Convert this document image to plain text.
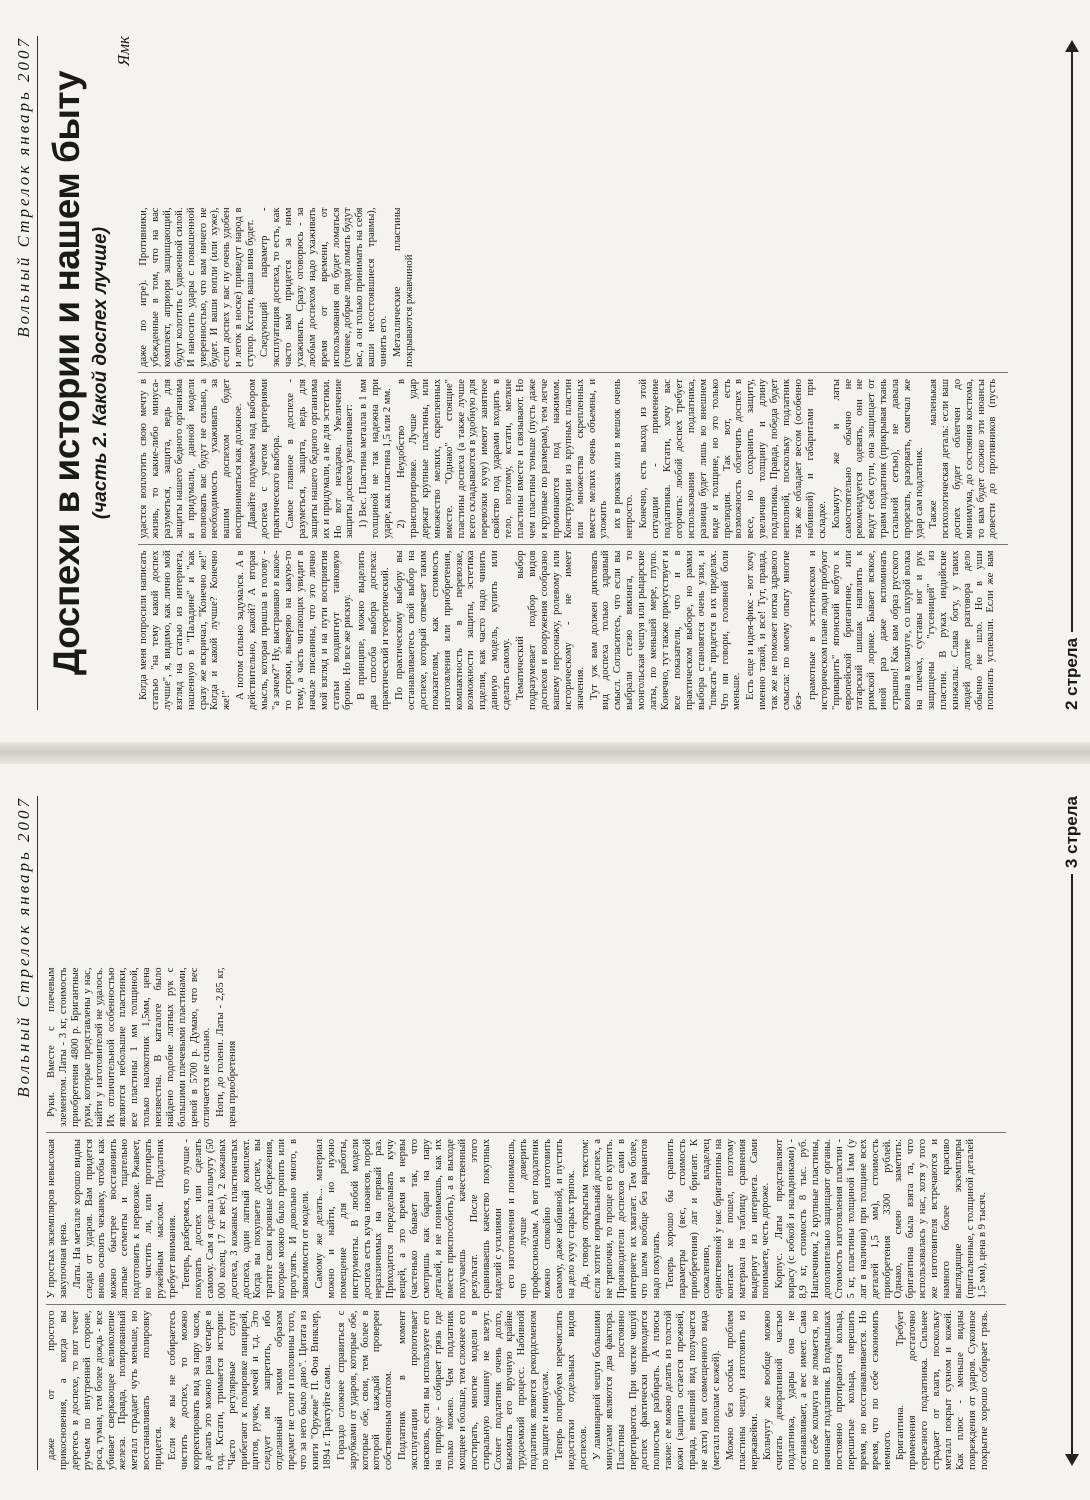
Вольный Стрелок январь 2007 Доспехи в истории и нашем быту (часть 2. Какой доспех лучше)
Ямк

Когда меня попросили написать статью "на тему какой доспех лучше", я, видимо, как лично мой взгляд на статью из интернета, нашенную в "Паладине" и "как сразу же вскричал, "Конечно же!" Когда и какой лучше? Конечно же!"

А потом сильно задумался. А в действительно, какой? А вторая мысль, которая пришла в голову - "а зачем?" Ну, выстраиваю в какое-то строки, выверяю на какую-то тему, а часть читающих увидит в начале писанины, что это лично мой взгляд и на пути восприятия статьи воздвигнут танковую броню. Но все же рискну. В принципе, можно выделить два способа выбора доспеха: практический и теоретический. По практическому выбору вы останавливаетесь свой выбор на доспехе, который отвечает таким показателям, как стоимость изготовления или приобретения, компактность в перевозке, возможности защиты, эстетика изделия, как часто надо чинить данную модель, купить или сделать самому. Тематический выбор подразумевает подбор видов доспехов и вооружения сообразно вашему персонажу, ролевому или историческому - не имеет значения. Тут уж вам должен диктовать вид доспеха только здравый смысл. Согласитесь, что если вы выбрали стезю викинга, то монгольская чешуя или рыцарские латы, по меньшей мере, глупо. Конечно, тут также присутствует и все показатели, что и в практическом выборе, но рамки выбора становятся очень узки, и "плясать" придется в их пределах. Что ни говори, головной боли меньше. Есть еще и идея-фикс - вот хочу именно такой, и все! Тут, правда, так же не поможет нотка здравого смысла: по моему опыту многие без-

грамотные в эстетическом и историческом плане люди пробуют "приварить" японский кобуто к европейской бригантине, или татарский шишак напялить к римской лорике. Бывает всякое, иной раз даже вспоминать страшно! Как вам образ русского воина в кольчуге, со шкурой волка на плечах, суставы ног и рук защищены "гусеницей" из пластин. В руках индийские кинжалы. Слава богу, у таких людей долгие разговора дело обычно не шло. Но в уши попинать успевали. Если же вам удастся воплотить свою мечту в жизнь, то какие-либо минуса-разуметься, защита, ведь для защиты нашего бедного организма и придумали, данной модели волновать вас будут не сильно, а необходимость ухаживать за вашим доспехом будет восприниматься как должное. Давайте подумаем над выбором доспеха с учетом критериями практического выбора. Самое главное в доспехе - разуметься, защита, ведь для защиты нашего бедного организма их и придумали, а не для эстетики. Но вот незадача. Увеличение защиты доспеха увеличивает: 1) Вес. Пластина металла в 1 мм толщиной не так надежна при ударе, как пластина 1,5 или 2 мм. 2) Неудобство в транспортировке. Лучше удар держат крупные пластины, или множество мелких, скрепленных вместе. "Однако" стоящие" пластины доспеха (а также лучше всего складываются в удобную для перевозки кучу) имеют занятное свойство под ударами входить в тело, поэтому, кстати, мелкие пластины вместе и связывают. Но чем пластины тоньше (пусть даже и крупные по размерам), тем легче проминаются под нажимом. Конструкции из крупных пластин или множества скрепленных вместе мелких очень объемны, и уложить их в рюкзак или в мешок очень непросто. Конечно, есть выход из этой ситуации - применение подлатника. Кстати, хочу вас огорчить: любой доспех требует использования подлатника, разница будет лишь во внешнем виде и толщине, но это только прелюдия. Так вот, есть возможность облегчить доспех в весе, но сохранить защиту, увеличив толщину и длину подлатника. Правда, победа будет неполной, поскольку подлатник так же обладает весом (особенно набивной) и габаритами при складке. Кольчугу же и латы самостоятельно обычно не рекомендуется одевать, они не ведут себя сути, она защищает от травм подлатник (прикрывая ткань стальной сетью), не давала прорезать, разорвать, смягчал же удар сам подлатник. Также маленькая психологическая деталь: если ваш доспех будет облегчен до минимума, до состояния костюма, то вам будет сложно эти нюансы довести до противников (пусть даже по игре). Противники, убежденные в том, что на вас комплект, априори защищающий, будут колотить с удвоенной силой. И наносить удары с повышенной уверенностью, что вам ничего не будет. И ваши вопли (или хуже), если доспех у вас ну очень удобен и легок в носке) приведут народ в ступор. Кстати, ваша вина будет. Следующий параметр - эксплуатация доспеха, то есть, как часто вам придется за ним ухаживать. Сразу оговорюсь - за любым доспехом надо ухаживать время от времени, от использования он будет ломаться (точнее, добрые люди ломать будут вас, а он только принимать на себя ваши несостоявшиеся травмы), чинить его. Металлические пластины покрываются ржавчиной

2 стрела
Вольный Стрелок январь 2007

даже от простого прикосновения, а когда вы деретесь в доспехе, то пот течет ручьем по внутренней стороне, роса, туман, тем более дождь - все убивает сверкающее великолепие железа. Правда, полированный металл страдает чуть меньше, но восстанавливать полировку придется. Если же вы не собираетесь чистить доспех, то можно корректировать вид за пару часов, а делать это можно раза четыре в год. Кстати, тримается истории: "Часто регулярные слуги прибегают к полировке панцирей, щитов, ручек, мечей и т.д. Это следует им запретить, ибо отделанный таким образом предмет не стоит и половины того, что за него было дано". Цитата из книги "Оружие" П. Фон Винклер, 1894 г. Трактуйте сами. Гораздо сложнее справиться с зарубками от ударов, которые обе, которые обе, свои, тем более в которой каждый проверен собственным опытом. Подлатник в момент эксплуатации пропотевает насквозь, если вы используете его на природе - собирает грязь где только можно. Чем подлатник мощнее и больше, тем сложнее его постирать, многие модели в стиральную машину не влезут. Сохнет подлатник очень долго, выжимать его вручную крайне трудоемкий процесс. Набивной подлатник является рекордсменом по защите и минусам. Теперь попробуем перечислить недостатки отдельных видов доспехов. У ламинарной чешуи большими минусами являются два фактора. Пластины постоянно перетираются. При чистке чешуй доспех фактически приходится полностью разбирать. А плюсы такие: ее можно делать из толстой кожи (защита остается прежней, правда, внешний вид получается не ахти) или совмещенного вида (металл пополам с кожей). Можно без особых проблем пластины чешуи изготовить из нержавейки. Кольчугу же вообще можно считать декоративной частью подлатника, удары она не останавливает, а вес имеет. Сама по себе кольчуга не ломается, но начинает подлатник. В подмышках постоянно протираются кольца, перешитые кольца, перешить время, но восстанавливается. Но время, что по себе сэкономить немного. Бригантина. Требует применения достаточно серьезного подлатника. Сильнее страдает от влаги, поскольку металл покрыт сукном и кожей. Как плюс - меньше видны повреждения от ударов. Суконное покрытие хорошо собирает грязь. У простых экземпляров невысокая закупочная цена. Латы. На металле хорошо видны следы от ударов. Вам придется вновь освоить чеканку, чтобы как можно быстрее восстановить латные сегменты и тщательно подготовить к перевозке. Ржавеет, но чистить ли, или протирать ружейным маслом. Подлатник требует внимания. Теперь, разберемся, что лучше - покупать доспех или сделать самому. Сам я сделал кольчугу (50 000 колец, 17 кг вес), 2 кожаных доспеха, 3 кожаных пластинчатых доспеха, один латный комплект. Когда вы покупаете доспех, вы тратите свои кровные сбережения, которые можно было пропить или прогулять. И довольно много, в зависимости от модели. Самому же делать... материал можно и найти, но нужно помещение для работы, инструменты. В любой модели доспеха есть куча нюансов, порой неразличимых на первый раз. Приходится переделывать кучу вещей, а это время и нервы (частенько бывает так, что смотришь как баран на пару деталей, и не понимаешь, как их вместе приспособить), а в выходе получаешь качественный результат. После этого сравниваешь качество покупных изделий с усилиями его изготовления и понимаешь, что лучше доверить профессионалам. А вот подлатник можно спокойно изготовить самому, даже набивной, и пустить на дело кучу старых тряпок. Да, говоря открытым текстом: если хотите нормальный доспех, а не тряпочки, то проще его купить. Производители доспехов сами в интернете их хватает. Тем более, что шлем вообще без вариантов надо покупать. Теперь хорошо бы сравнить параметры (вес, стоимость приобретения) лат и бригант. К сожалению, владелец единственной у нас бригантины на контакт не пошел, поэтому материал на таблицу сравнения выдернут из интернета. Сами понимаете, честь дороже. Корпус. Латы представляют кирасу (с юбкой и налядниками) - 8,9 кг, стоимость 8 тыс. руб. Наплечники, 2 крупные пластины, дополнительно защищают органы. Стоимость изготовления пластин - 5 кг, пластины толщиной 1мм (у лат в наличии) при толщине всех деталей 1,5 мм), стоимость приобретения 3300 рублей. Однако, смею заметить: бригантина была взята та, что использовалась у нас, хотя у того же изготовителя встречаются и намного более красиво выглядящие экземпляры (приталенные, с толщиной деталей 1,5 мм), цена в 9 тысяч.

Руки. Вместе с плечевым элементом. Латы - 3 кг, стоимость приобретения 4800 р. Бригантные руки, которые представлены у нас, найти у изготовителей не удалось. Их отличительной особенностью являются небольшие пластинки, все пластины 1 мм толщиной, только налокотник 1,5мм, цена неизвестна. В каталоге было найдено подобие латных рук с большими плечевыми пластинами, ценой в 5700 р. Думаю, что вес отличается не сильно. Ноги, до голени. Латы - 2,85 кг, цена приобретения

3 стрела
